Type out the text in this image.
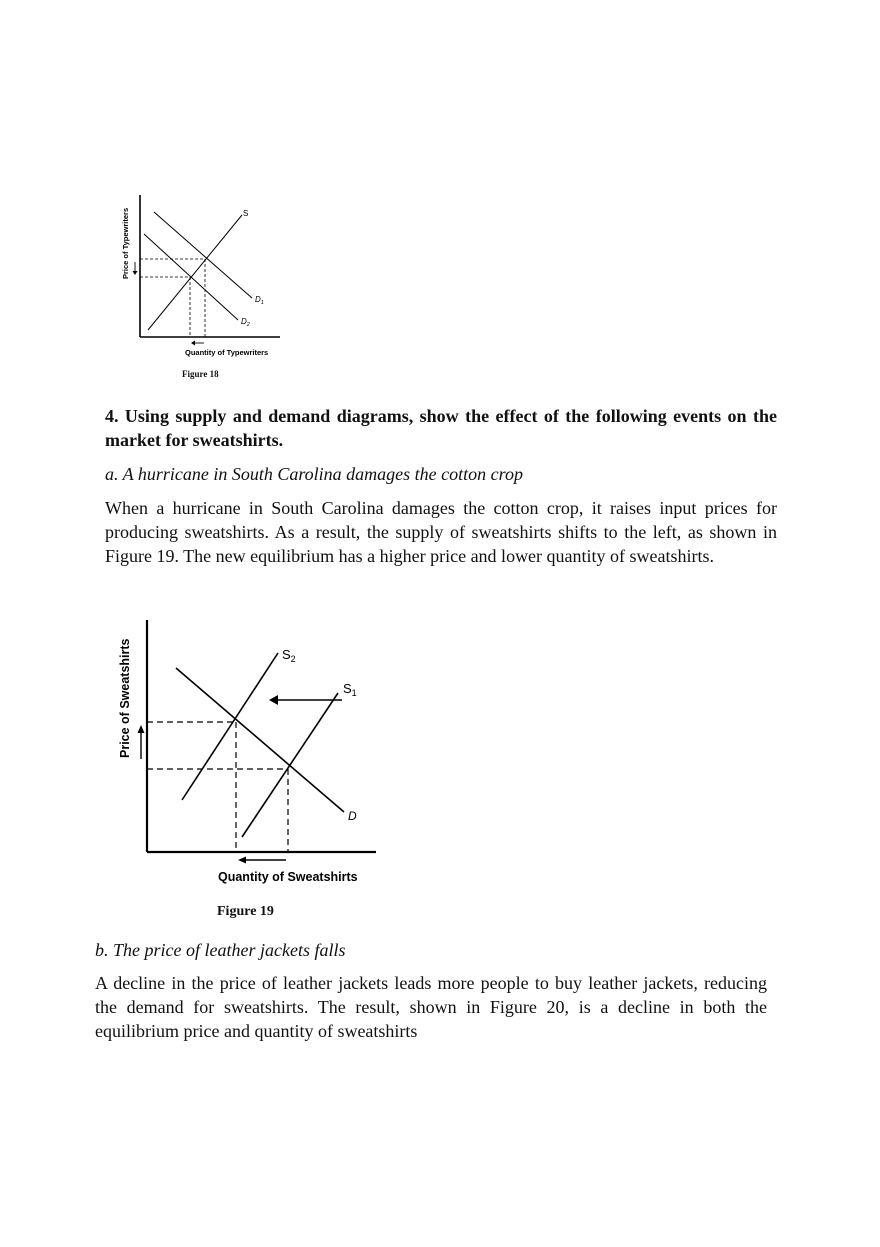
S
$D_1$
$D_2$
Price of Typewriters
Quantity of Typewriters
Figure 18

4. Using supply and demand diagrams, show the effect of the following events on the market for sweatshirts.

a. A hurricane in South Carolina damages the cotton crop

When a hurricane in South Carolina damages the cotton crop, it raises input prices for producing sweatshirts. As a result, the supply of sweatshirts shifts to the left, as shown in Figure 19. The new equilibrium has a higher price and lower quantity of sweatshirts.

$S_2$
$S_1$
D
Price of Sweatshirts
Quantity of Sweatshirts
Figure 19

b. The price of leather jackets falls

A decline in the price of leather jackets leads more people to buy leather jackets, reducing the demand for sweatshirts. The result, shown in Figure 20, is a decline in both the equilibrium price and quantity of sweatshirts
